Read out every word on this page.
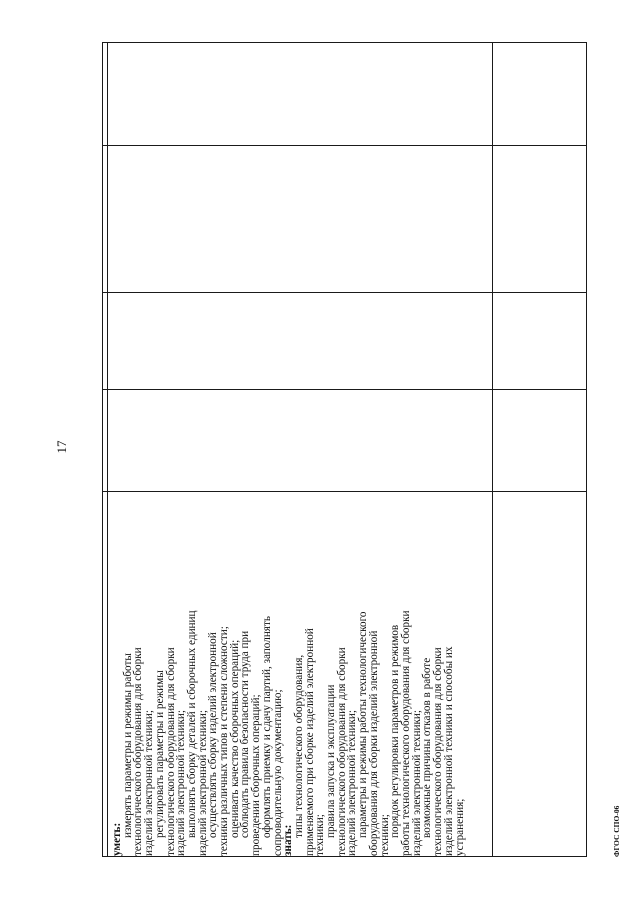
уметь:
измерять параметры и режимы работы
технологического оборудования для сборки
изделий электронной техники;
регулировать параметры и режимы
технологического оборудования для сборки
изделий электронной техники;
выполнять сборку деталей и сборочных единиц
изделий электронной техники;
осуществлять сборку изделий электронной
техники различных типов и степени сложности;
оценивать качество сборочных операций;
соблюдать правила безопасности труда при
проведении сборочных операций;
оформлять приемку и сдачу партий, заполнять
сопроводительную документацию;
знать:
типы технологического оборудования,
применяемого при сборке изделий электронной
техники;
правила запуска и эксплуатации
технологического оборудования для сборки
изделий электронной техники;
параметры и режимы работы технологического
оборудования для сборки изделий электронной
техники;
порядок регулировки параметров и режимов
работы технологического оборудования для сборки
изделий электронной техники;
возможные причины отказов в работе
технологического оборудования для сборки
изделий электронной техники и способы их
устранения;
17
ФГОС СПО-06
